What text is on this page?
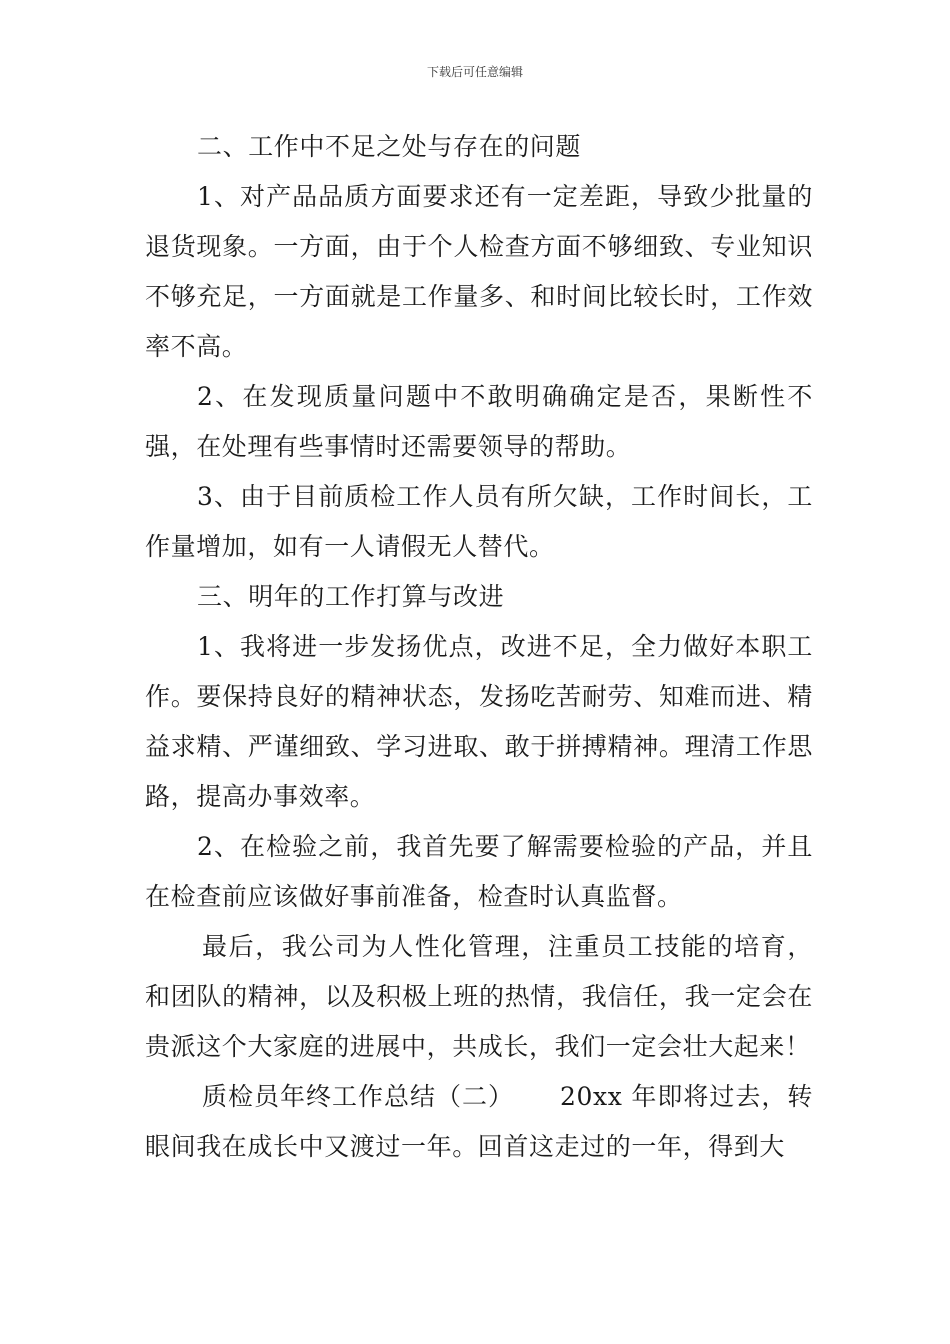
下载后可任意编辑

二、工作中不足之处与存在的问题

1、对产品品质方面要求还有一定差距，导致少批量的退货现象。一方面，由于个人检查方面不够细致、专业知识不够充足，一方面就是工作量多、和时间比较长时，工作效率不高。

2、在发现质量问题中不敢明确确定是否，果断性不强，在处理有些事情时还需要领导的帮助。

3、由于目前质检工作人员有所欠缺，工作时间长，工作量增加，如有一人请假无人替代。

三、明年的工作打算与改进

1、我将进一步发扬优点，改进不足，全力做好本职工作。要保持良好的精神状态，发扬吃苦耐劳、知难而进、精益求精、严谨细致、学习进取、敢于拼搏精神。理清工作思路，提高办事效率。

2、在检验之前，我首先要了解需要检验的产品，并且在检查前应该做好事前准备，检查时认真监督。

最后，我公司为人性化管理，注重员工技能的培育，和团队的精神，以及积极上班的热情，我信任，我一定会在贵派这个大家庭的进展中，共成长，我们一定会壮大起来！

质检员年终工作总结（二） 20xx 年即将过去，转眼间我在成长中又渡过一年。回首这走过的一年，得到大
